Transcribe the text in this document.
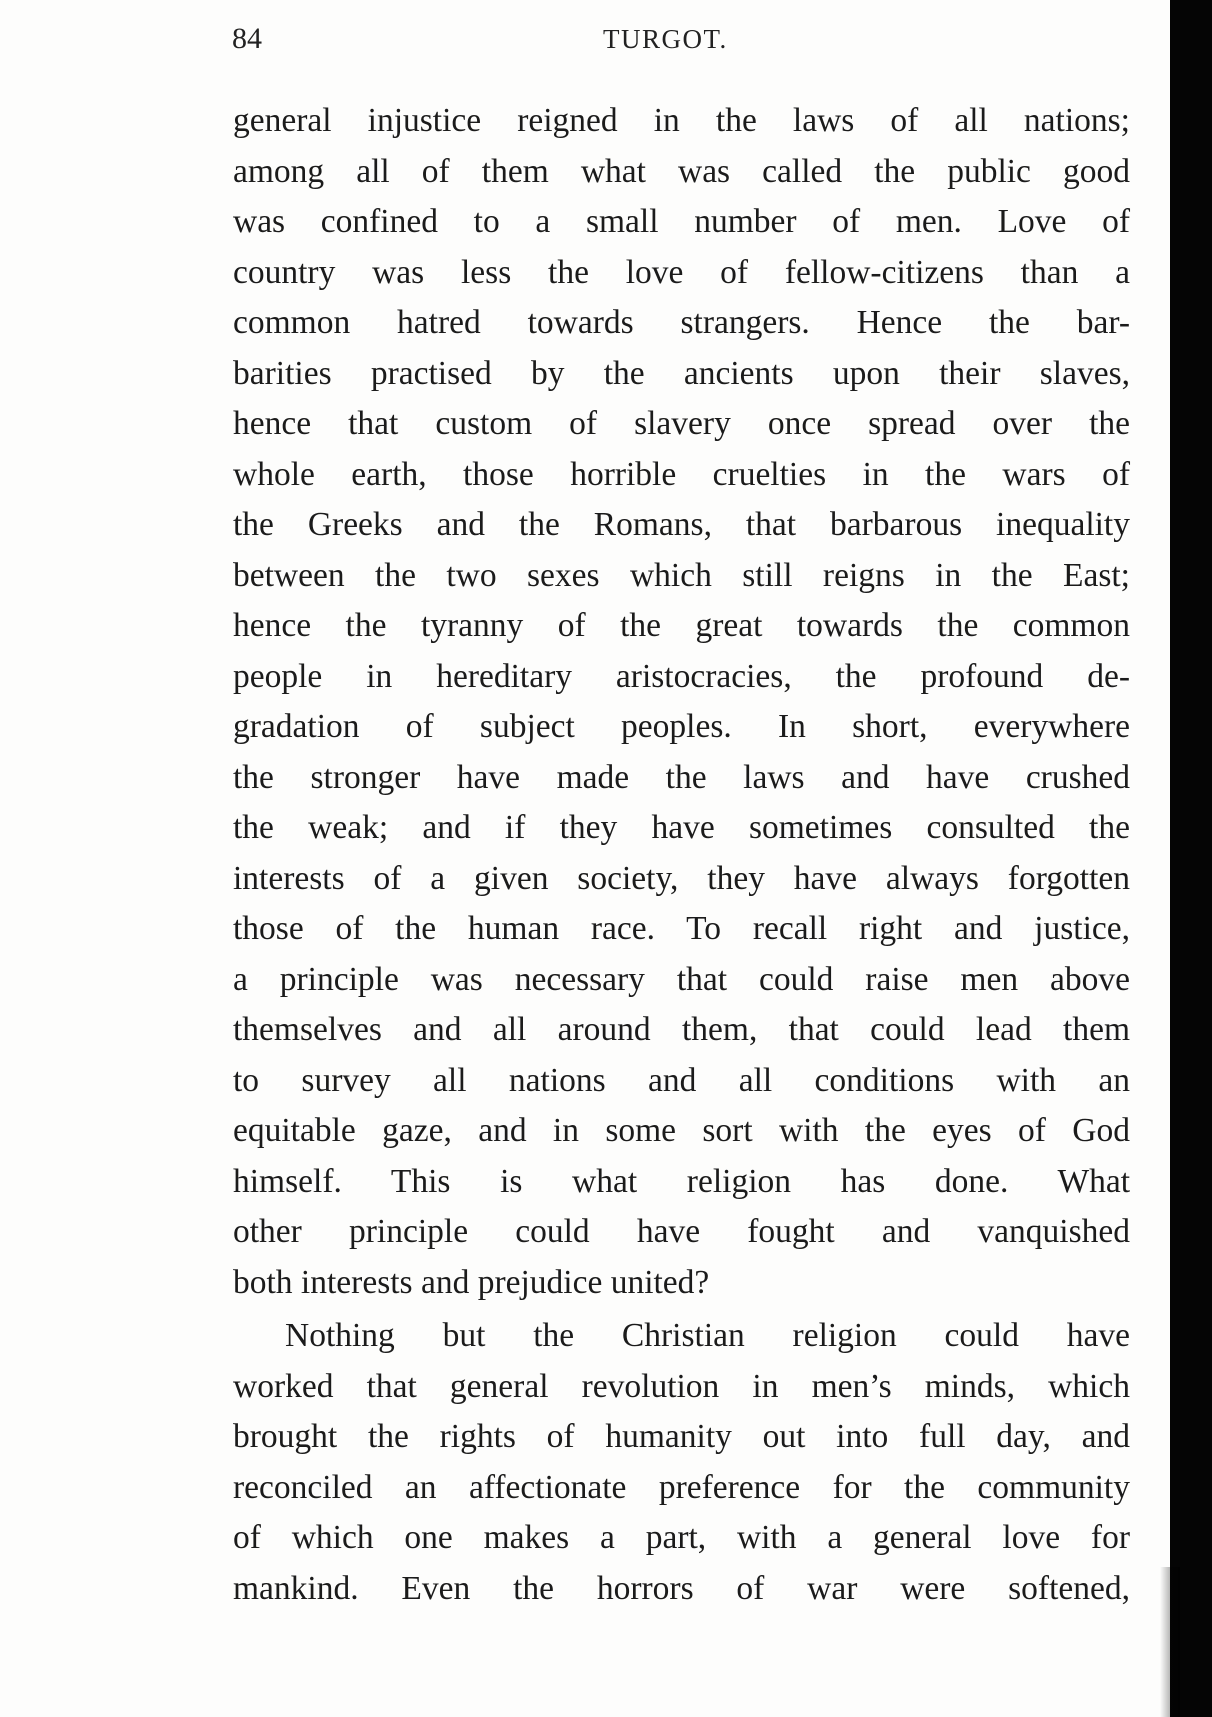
84	TURGOT.
general injustice reigned in the laws of all nations;
among all of them what was called the public good
was confined to a small number of men. Love of
country was less the love of fellow-citizens than a
common hatred towards strangers. Hence the bar-
barities practised by the ancients upon their slaves,
hence that custom of slavery once spread over the
whole earth, those horrible cruelties in the wars of
the Greeks and the Romans, that barbarous inequality
between the two sexes which still reigns in the East;
hence the tyranny of the great towards the common
people in hereditary aristocracies, the profound de-
gradation of subject peoples. In short, everywhere
the stronger have made the laws and have crushed
the weak; and if they have sometimes consulted the
interests of a given society, they have always forgotten
those of the human race. To recall right and justice,
a principle was necessary that could raise men above
themselves and all around them, that could lead them
to survey all nations and all conditions with an
equitable gaze, and in some sort with the eyes of God
himself. This is what religion has done. What
other principle could have fought and vanquished
both interests and prejudice united?
Nothing but the Christian religion could have
worked that general revolution in men’s minds, which
brought the rights of humanity out into full day, and
reconciled an affectionate preference for the community
of which one makes a part, with a general love for
mankind. Even the horrors of war were softened,
